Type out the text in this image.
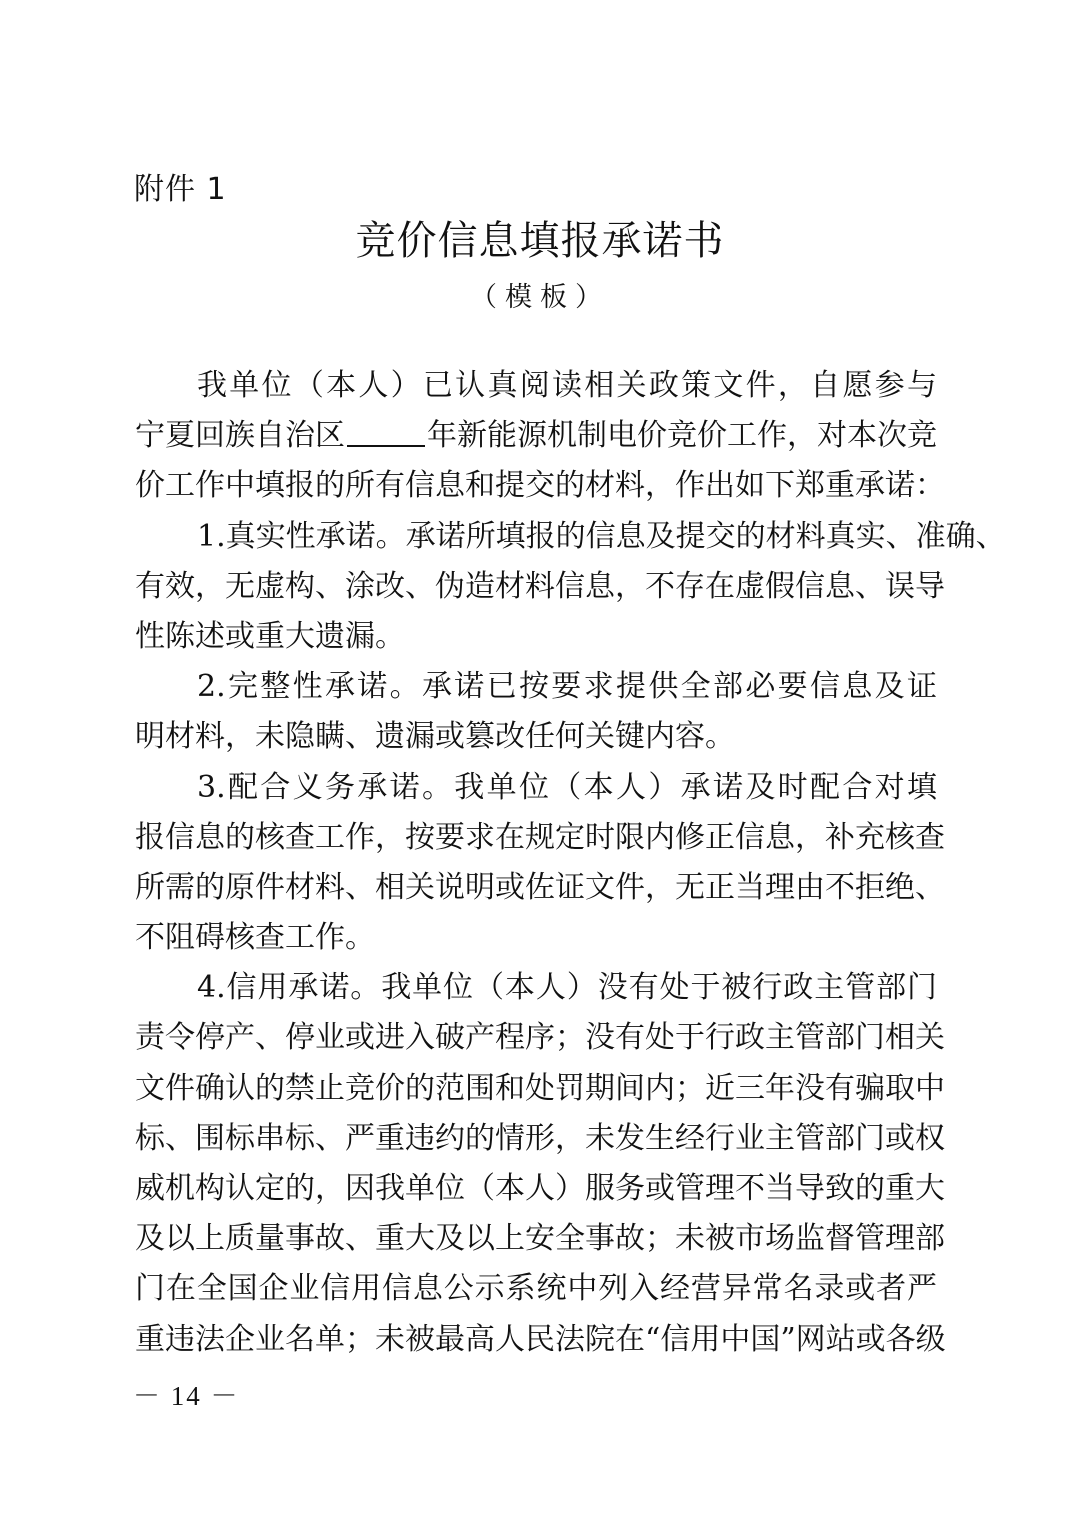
附件 1
竞价信息填报承诺书
（模板）
我单位（本人）已认真阅读相关政策文件，自愿参与
宁夏回族自治区	年新能源机制电价竞价工作，对本次竞
价工作中填报的所有信息和提交的材料，作出如下郑重承诺：
1.真实性承诺。承诺所填报的信息及提交的材料真实、准确、
有效，无虚构、涂改、伪造材料信息，不存在虚假信息、误导
性陈述或重大遗漏。
2.完整性承诺。承诺已按要求提供全部必要信息及证
明材料，未隐瞒、遗漏或篡改任何关键内容。
3.配合义务承诺。我单位（本人）承诺及时配合对填
报信息的核查工作，按要求在规定时限内修正信息，补充核查
所需的原件材料、相关说明或佐证文件，无正当理由不拒绝、
不阻碍核查工作。
4.信用承诺。我单位（本人）没有处于被行政主管部门
责令停产、停业或进入破产程序；没有处于行政主管部门相关
文件确认的禁止竞价的范围和处罚期间内；近三年没有骗取中
标、围标串标、严重违约的情形，未发生经行业主管部门或权
威机构认定的，因我单位（本人）服务或管理不当导致的重大
及以上质量事故、重大及以上安全事故；未被市场监督管理部
门在全国企业信用信息公示系统中列入经营异常名录或者严
重违法企业名单；未被最高人民法院在“信用中国”网站或各级
－ 14 －
